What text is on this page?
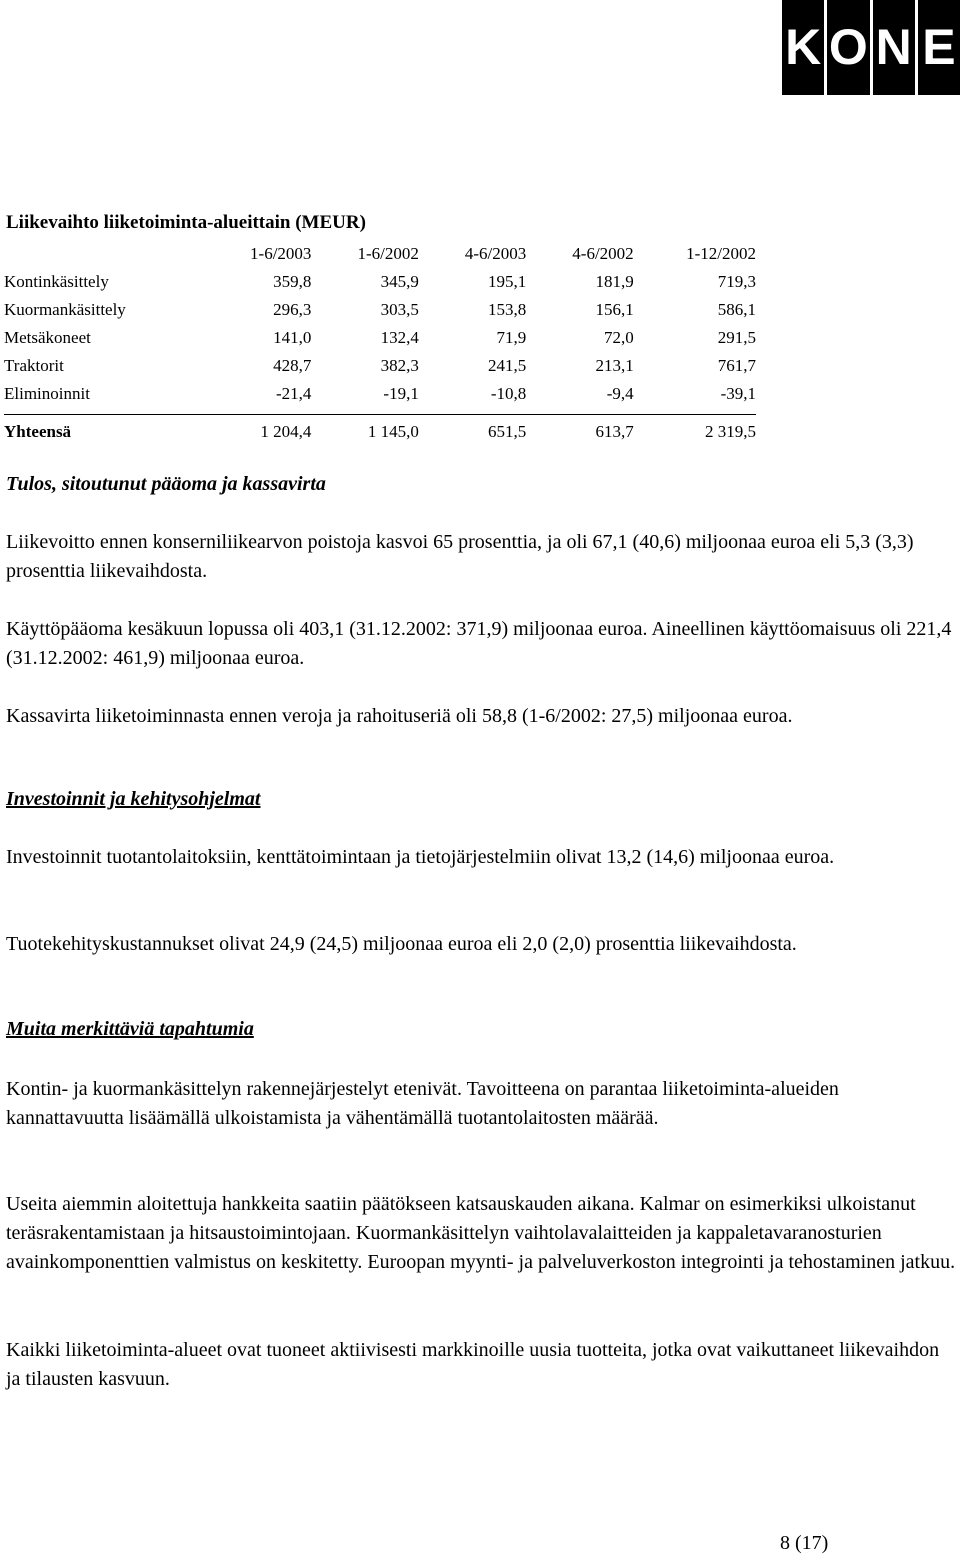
K O N E
Liikevaihto liiketoiminta-alueittain (MEUR)
	1-6/2003	1-6/2002	4-6/2003	4-6/2002	1-12/2002
Kontinkäsittely	359,8	345,9	195,1	181,9	719,3
Kuormankäsittely	296,3	303,5	153,8	156,1	586,1
Metsäkoneet	141,0	132,4	71,9	72,0	291,5
Traktorit	428,7	382,3	241,5	213,1	761,7
Eliminoinnit	-21,4	-19,1	-10,8	-9,4	-39,1
Yhteensä	1 204,4	1 145,0	651,5	613,7	2 319,5
Tulos, sitoutunut pääoma ja kassavirta
Liikevoitto ennen konserniliikearvon poistoja kasvoi 65 prosenttia, ja oli 67,1 (40,6) miljoonaa euroa eli 5,3 (3,3) prosenttia liikevaihdosta.
Käyttöpääoma kesäkuun lopussa oli 403,1 (31.12.2002: 371,9) miljoonaa euroa. Aineellinen käyttöomaisuus oli 221,4 (31.12.2002: 461,9) miljoonaa euroa.
Kassavirta liiketoiminnasta ennen veroja ja rahoituseriä oli 58,8 (1-6/2002: 27,5) miljoonaa euroa.
Investoinnit ja kehitysohjelmat
Investoinnit tuotantolaitoksiin, kenttätoimintaan ja tietojärjestelmiin olivat 13,2 (14,6) miljoonaa euroa.
Tuotekehityskustannukset olivat 24,9 (24,5) miljoonaa euroa eli 2,0 (2,0) prosenttia liikevaihdosta.
Muita merkittäviä tapahtumia
Kontin- ja kuormankäsittelyn rakennejärjestelyt etenivät. Tavoitteena on parantaa liiketoiminta-alueiden kannattavuutta lisäämällä ulkoistamista ja vähentämällä tuotantolaitosten määrää.
Useita aiemmin aloitettuja hankkeita saatiin päätökseen katsauskauden aikana. Kalmar on esimerkiksi ulkoistanut teräsrakentamistaan ja hitsaustoimintojaan. Kuormankäsittelyn vaihtolavalaitteiden ja kappaletavaranosturien avainkomponenttien valmistus on keskitetty. Euroopan myynti- ja palveluverkoston integrointi ja tehostaminen jatkuu.
Kaikki liiketoiminta-alueet ovat tuoneet aktiivisesti markkinoille uusia tuotteita, jotka ovat vaikuttaneet liikevaihdon ja tilausten kasvuun.
8 (17)
